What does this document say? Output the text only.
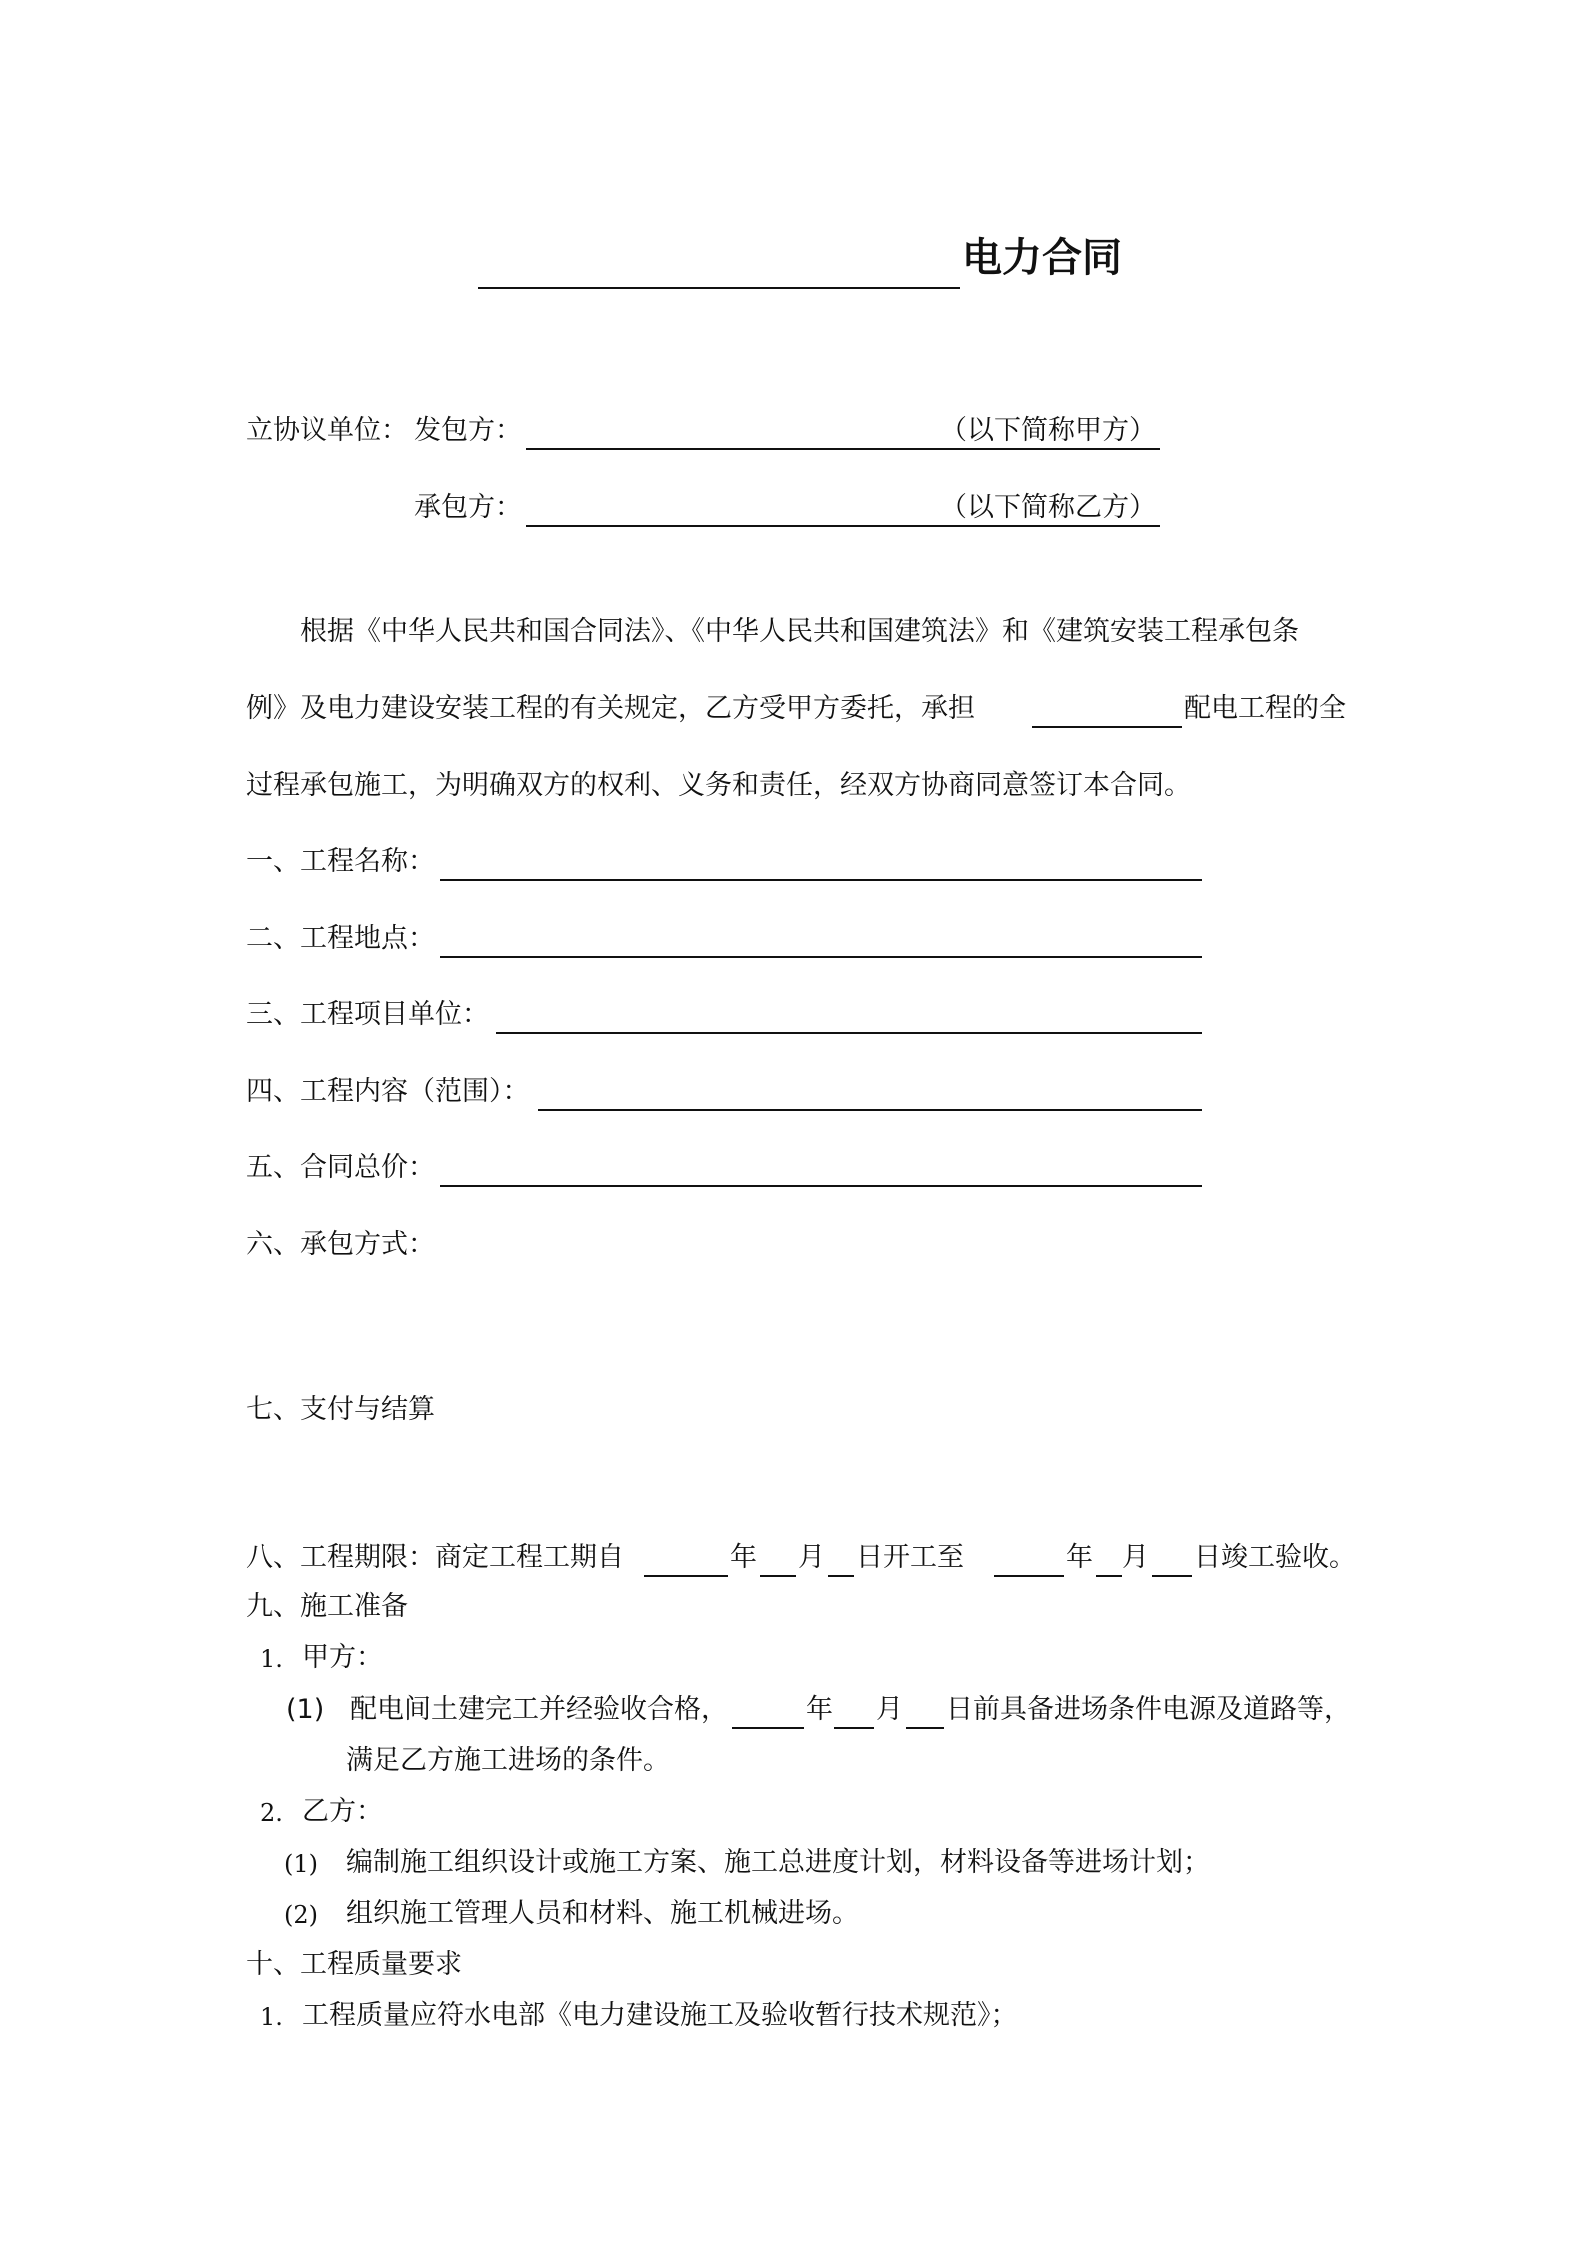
电力合同
立协议单位： 发包方：	（以下简称甲方）
承包方：	（以下简称乙方）
根据《中华人民共和国合同法》、《中华人民共和国建筑法》和《建筑安装工程承包条
例》及电力建设安装工程的有关规定，乙方受甲方委托，承担	配电工程的全
过程承包施工，为明确双方的权利、义务和责任，经双方协商同意签订本合同。
一、工程名称：
二、工程地点：
三、工程项目单位：
四、工程内容（范围）：
五、合同总价：
六、承包方式：
七、支付与结算
八、工程期限：商定工程工期自	年 月 日开工至	年 月 日竣工验收。
九、施工准备
1. 甲方：
(1) 配电间土建完工并经验收合格，	年 月 日前具备进场条件电源及道路等，
满足乙方施工进场的条件。
2. 乙方：
(1) 编制施工组织设计或施工方案、施工总进度计划，材料设备等进场计划；
(2) 组织施工管理人员和材料、施工机械进场。
十、工程质量要求
1. 工程质量应符水电部《电力建设施工及验收暂行技术规范》；
